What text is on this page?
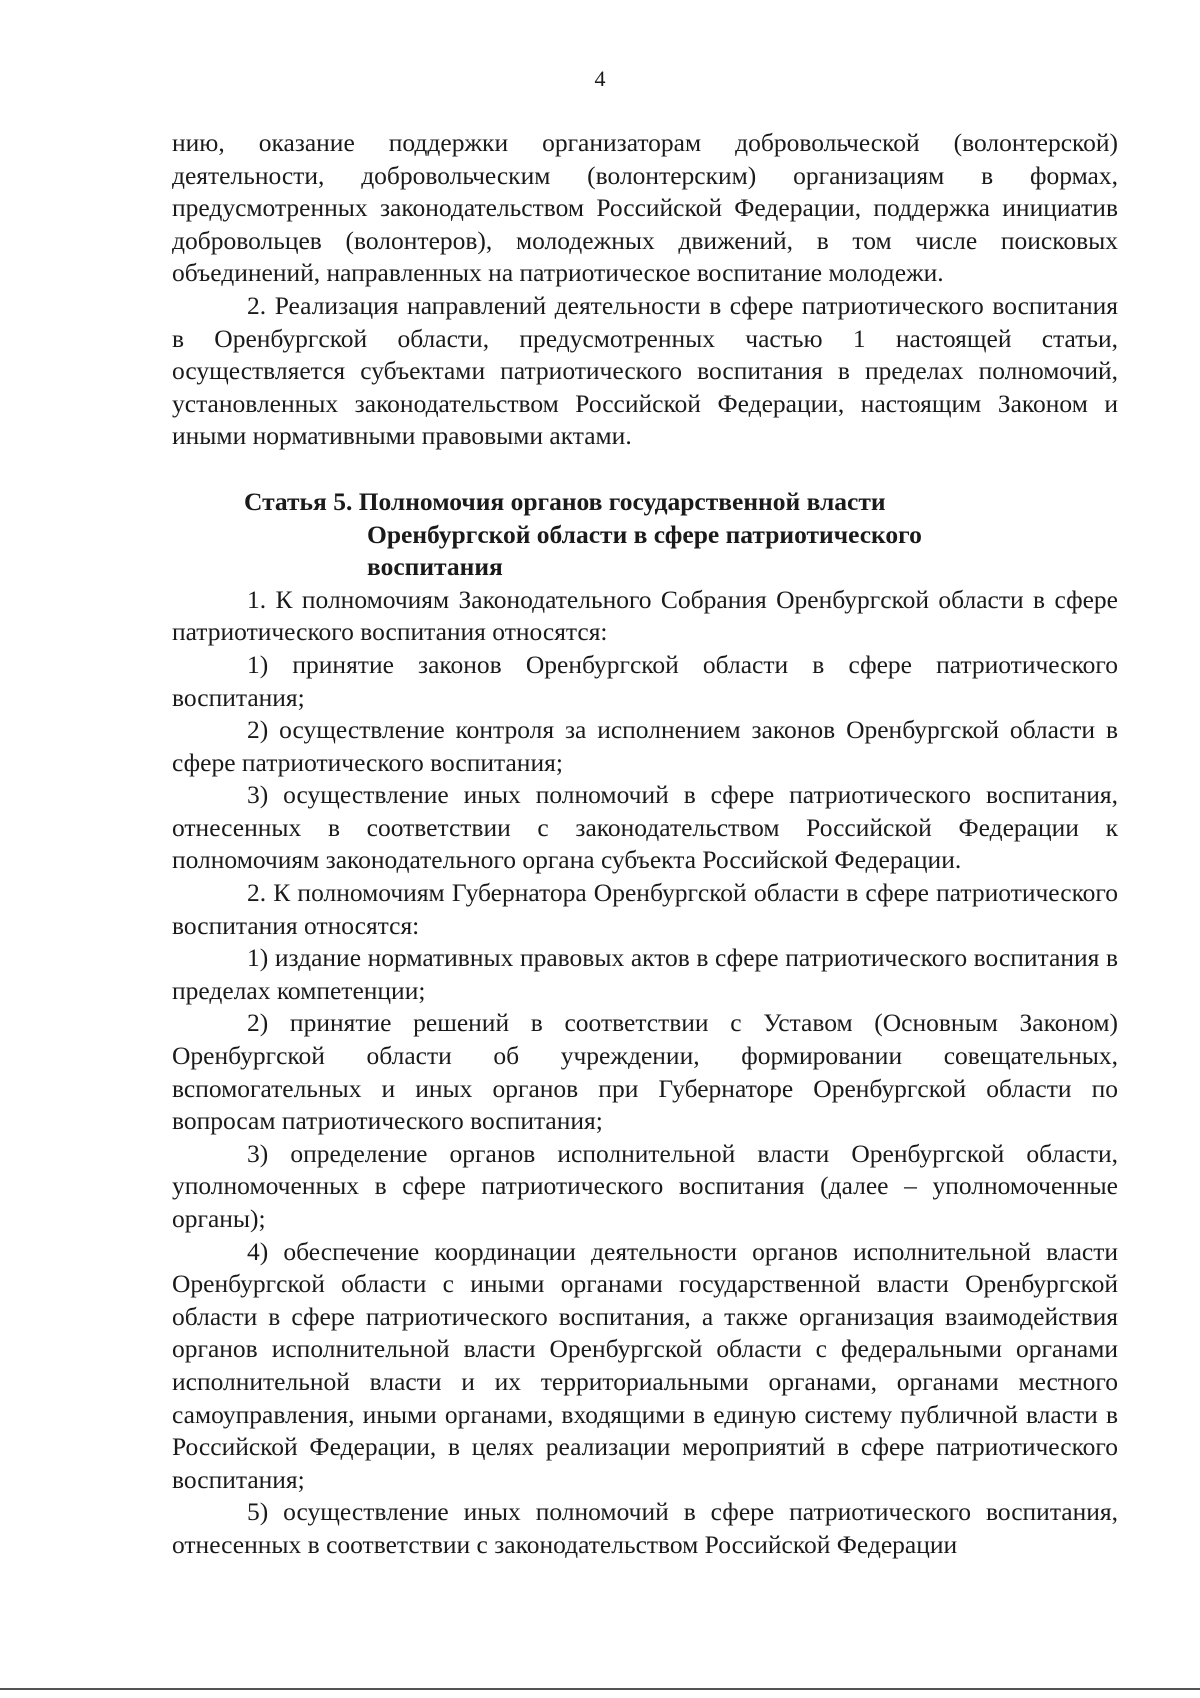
4

нию, оказание поддержки организаторам добровольческой (волонтерской) деятельности, добровольческим (волонтерским) организациям в формах, предусмотренных законодательством Российской Федерации, поддержка инициатив добровольцев (волонтеров), молодежных движений, в том числе поисковых объединений, направленных на патриотическое воспитание молодежи.

2. Реализация направлений деятельности в сфере патриотического воспитания в Оренбургской области, предусмотренных частью 1 настоящей статьи, осуществляется субъектами патриотического воспитания в пределах полномочий, установленных законодательством Российской Федерации, настоящим Законом и иными нормативными правовыми актами.

Статья 5. Полномочия органов государственной власти
Оренбургской области в сфере патриотического
воспитания

1. К полномочиям Законодательного Собрания Оренбургской области в сфере патриотического воспитания относятся:

1) принятие законов Оренбургской области в сфере патриотического воспитания;

2) осуществление контроля за исполнением законов Оренбургской области в сфере патриотического воспитания;

3) осуществление иных полномочий в сфере патриотического воспитания, отнесенных в соответствии с законодательством Российской Федерации к полномочиям законодательного органа субъекта Российской Федерации.

2. К полномочиям Губернатора Оренбургской области в сфере патриотического воспитания относятся:

1) издание нормативных правовых актов в сфере патриотического воспитания в пределах компетенции;

2) принятие решений в соответствии с Уставом (Основным Законом) Оренбургской области об учреждении, формировании совещательных, вспомогательных и иных органов при Губернаторе Оренбургской области по вопросам патриотического воспитания;

3) определение органов исполнительной власти Оренбургской области, уполномоченных в сфере патриотического воспитания (далее – уполномоченные органы);

4) обеспечение координации деятельности органов исполнительной власти Оренбургской области с иными органами государственной власти Оренбургской области в сфере патриотического воспитания, а также организация взаимодействия органов исполнительной власти Оренбургской области с федеральными органами исполнительной власти и их территориальными органами, органами местного самоуправления, иными органами, входящими в единую систему публичной власти в Российской Федерации, в целях реализации мероприятий в сфере патриотического воспитания;

5) осуществление иных полномочий в сфере патриотического воспитания, отнесенных в соответствии с законодательством Российской Федерации
